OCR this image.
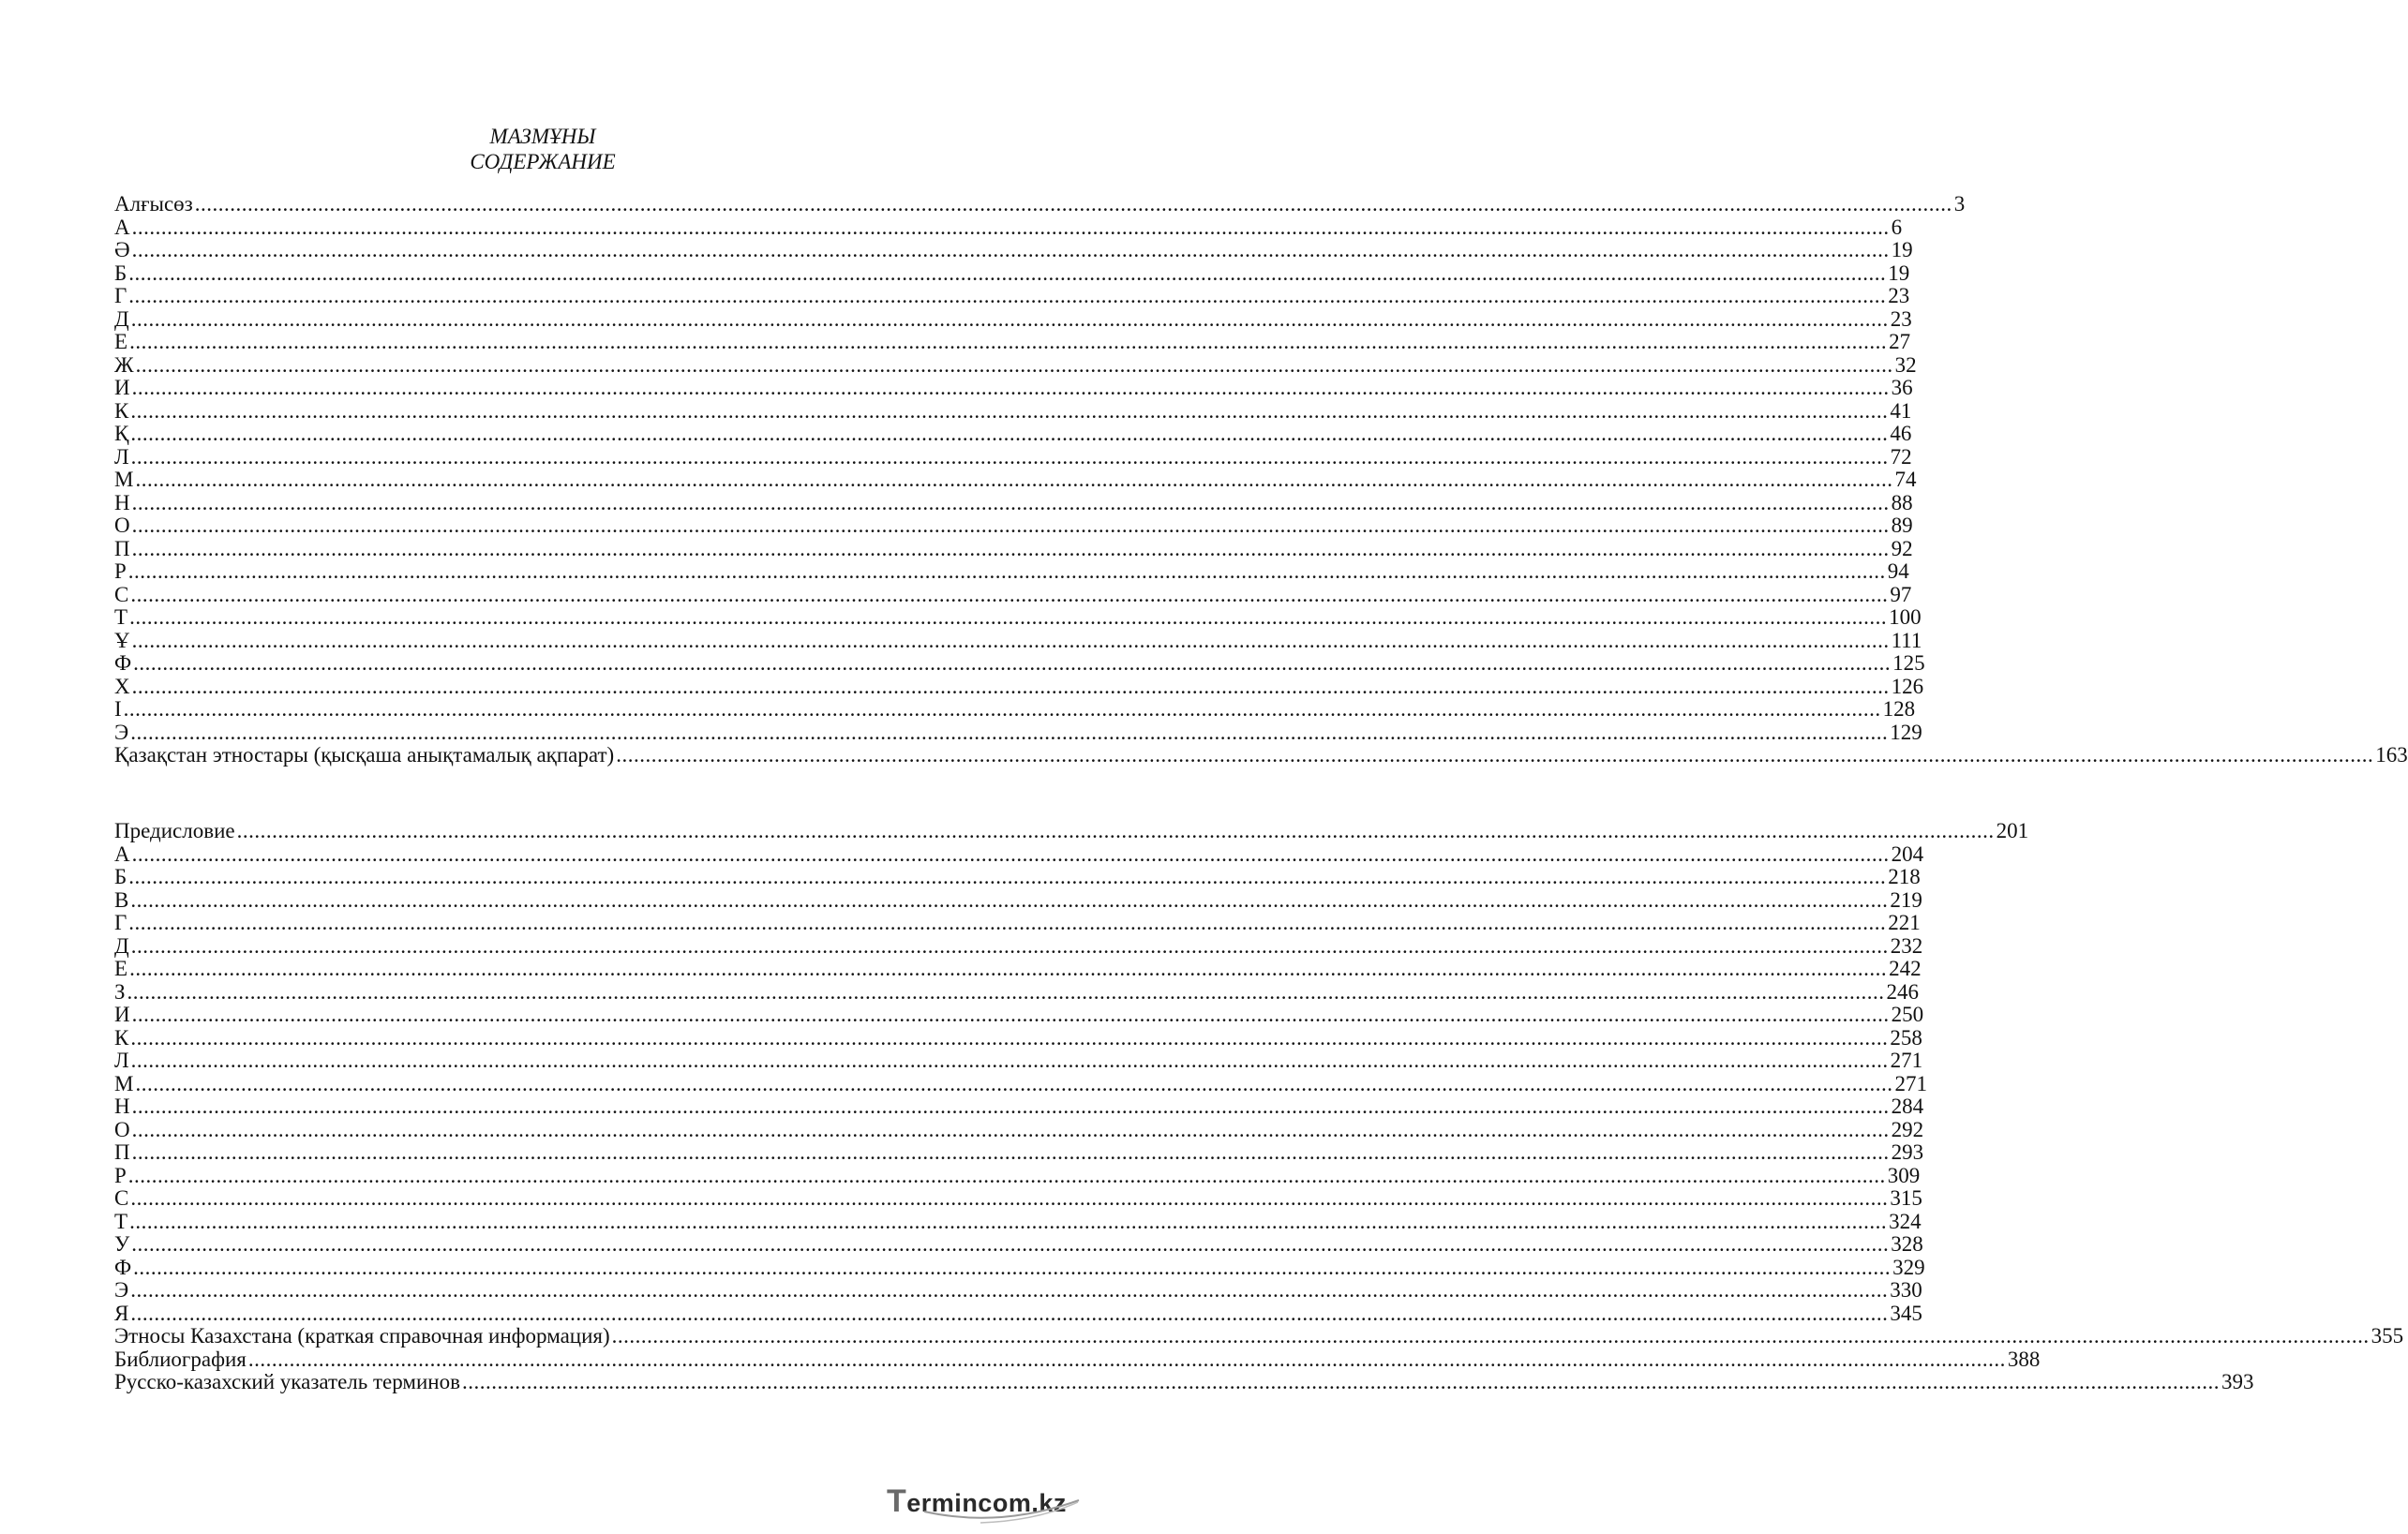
МАЗМҰНЫ
СОДЕРЖАНИЕ
Алғысөз ............................................................................................................................................................................................................................................................................................................ 3
А ............................................................................................................................................................................................................................................................................................................ 6
Ә ............................................................................................................................................................................................................................................................................................................ 19
Б ............................................................................................................................................................................................................................................................................................................ 19
Г ............................................................................................................................................................................................................................................................................................................ 23
Д ............................................................................................................................................................................................................................................................................................................ 23
Е ............................................................................................................................................................................................................................................................................................................ 27
Ж ............................................................................................................................................................................................................................................................................................................ 32
И ............................................................................................................................................................................................................................................................................................................ 36
К ............................................................................................................................................................................................................................................................................................................ 41
Қ ............................................................................................................................................................................................................................................................................................................ 46
Л ............................................................................................................................................................................................................................................................................................................ 72
М ............................................................................................................................................................................................................................................................................................................ 74
Н ............................................................................................................................................................................................................................................................................................................ 88
О ............................................................................................................................................................................................................................................................................................................ 89
П ............................................................................................................................................................................................................................................................................................................ 92
Р ............................................................................................................................................................................................................................................................................................................ 94
С ............................................................................................................................................................................................................................................................................................................ 97
Т ............................................................................................................................................................................................................................................................................................................ 100
Ұ ............................................................................................................................................................................................................................................................................................................ 111
Ф ............................................................................................................................................................................................................................................................................................................ 125
Х ............................................................................................................................................................................................................................................................................................................ 126
І ............................................................................................................................................................................................................................................................................................................ 128
Э ............................................................................................................................................................................................................................................................................................................ 129
Қазақстан этностары (қысқаша анықтамалық ақпарат) ............................................................................................................................................................................................................................................................................................................ 163
Предисловие ............................................................................................................................................................................................................................................................................................................ 201
А ............................................................................................................................................................................................................................................................................................................ 204
Б ............................................................................................................................................................................................................................................................................................................ 218
В ............................................................................................................................................................................................................................................................................................................ 219
Г ............................................................................................................................................................................................................................................................................................................ 221
Д ............................................................................................................................................................................................................................................................................................................ 232
Е ............................................................................................................................................................................................................................................................................................................ 242
З ............................................................................................................................................................................................................................................................................................................ 246
И ............................................................................................................................................................................................................................................................................................................ 250
К ............................................................................................................................................................................................................................................................................................................ 258
Л ............................................................................................................................................................................................................................................................................................................ 271
М ............................................................................................................................................................................................................................................................................................................ 271
Н ............................................................................................................................................................................................................................................................................................................ 284
О ............................................................................................................................................................................................................................................................................................................ 292
П ............................................................................................................................................................................................................................................................................................................ 293
Р ............................................................................................................................................................................................................................................................................................................ 309
С ............................................................................................................................................................................................................................................................................................................ 315
Т ............................................................................................................................................................................................................................................................................................................ 324
У ............................................................................................................................................................................................................................................................................................................ 328
Ф ............................................................................................................................................................................................................................................................................................................ 329
Э ............................................................................................................................................................................................................................................................................................................ 330
Я ............................................................................................................................................................................................................................................................................................................ 345
Этносы Казахстана (краткая справочная информация) ............................................................................................................................................................................................................................................................................................................ 355
Библиография ............................................................................................................................................................................................................................................................................................................ 388
Русско-казахский указатель терминов ............................................................................................................................................................................................................................................................................................................ 393
Termincom.kz
